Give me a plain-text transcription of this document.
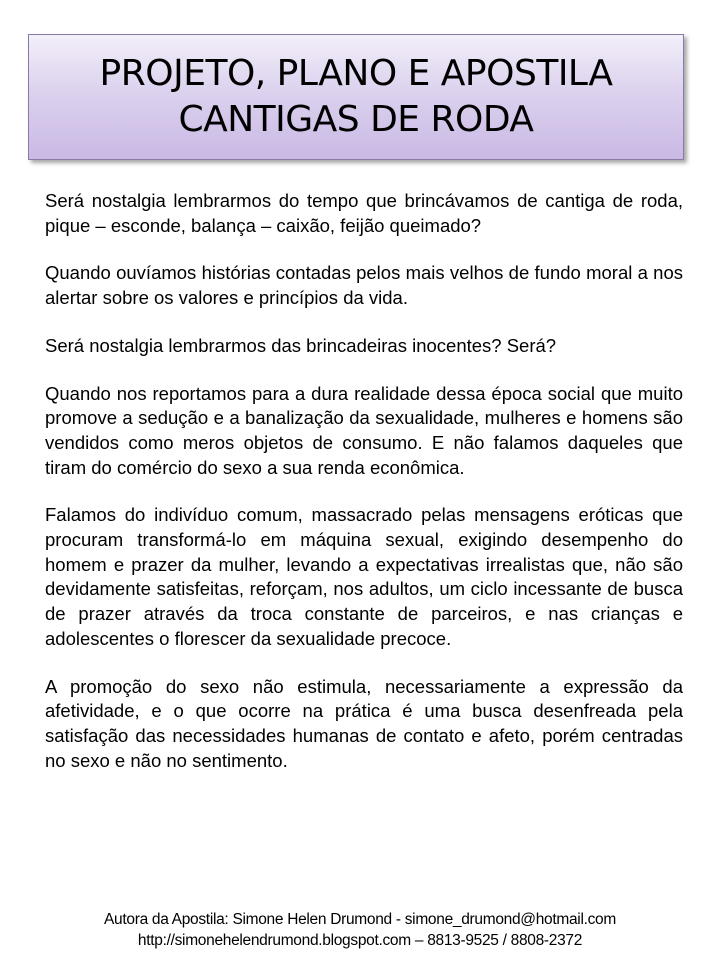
PROJETO, PLANO E APOSTILA
CANTIGAS DE RODA

Será nostalgia lembrarmos do tempo que brincávamos de cantiga de roda, pique – esconde, balança – caixão, feijão queimado?

Quando ouvíamos histórias contadas pelos mais velhos de fundo moral a nos alertar sobre os valores e princípios da vida.

Será nostalgia lembrarmos das brincadeiras inocentes? Será?

Quando nos reportamos para a dura realidade dessa época social que muito promove a sedução e a banalização da sexualidade, mulheres e homens são vendidos como meros objetos de consumo. E não falamos daqueles que tiram do comércio do sexo a sua renda econômica.

Falamos do indivíduo comum, massacrado pelas mensagens eróticas que procuram transformá-lo em máquina sexual, exigindo desempenho do homem e prazer da mulher, levando a expectativas irrealistas que, não são devidamente satisfeitas, reforçam, nos adultos, um ciclo incessante de busca de prazer através da troca constante de parceiros, e nas crianças e adolescentes o florescer da sexualidade precoce.

A promoção do sexo não estimula, necessariamente a expressão da afetividade, e o que ocorre na prática é uma busca desenfreada pela satisfação das necessidades humanas de contato e afeto, porém centradas no sexo e não no sentimento.

Autora da Apostila: Simone Helen Drumond - simone_drumond@hotmail.com
http://simonehelendrumond.blogspot.com – 8813-9525 / 8808-2372
